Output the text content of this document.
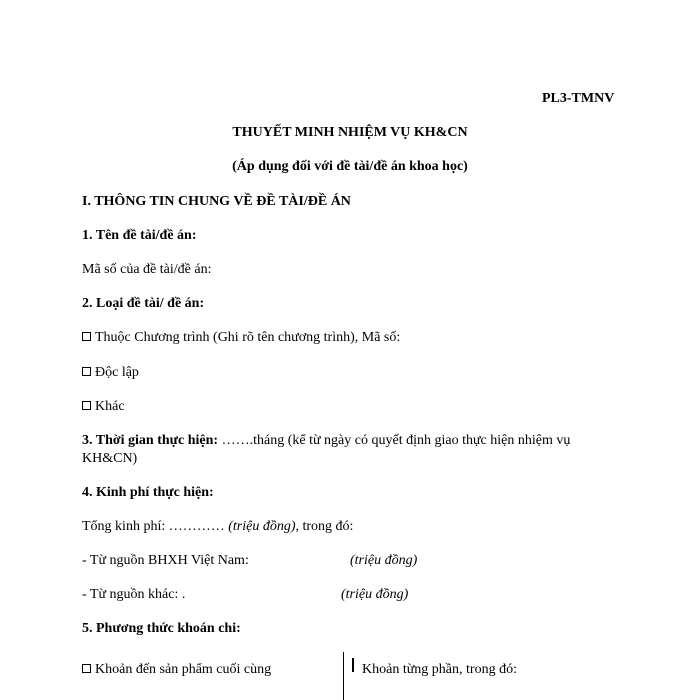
PL3-TMNV
THUYẾT MINH NHIỆM VỤ KH&CN
(Áp dụng đối với đề tài/đề án khoa học)
I. THÔNG TIN CHUNG VỀ ĐỀ TÀI/ĐỀ ÁN
1. Tên đề tài/đề án:
Mã số của đề tài/đề án:
2. Loại đề tài/ đề án:
Thuộc Chương trình (Ghi rõ tên chương trình), Mã số:
Độc lập
Khác
3. Thời gian thực hiện: …….tháng (kể từ ngày có quyết định giao thực hiện nhiệm vụ
KH&CN)
4. Kinh phí thực hiện:
Tổng kinh phí: ………… (triệu đồng), trong đó:
- Từ nguồn BHXH Việt Nam:	(triệu đồng)
- Từ nguồn khác: .	(triệu đồng)
5. Phương thức khoán chi:
Khoản đến sản phẩm cuối cùng	Khoản từng phần, trong đó:
